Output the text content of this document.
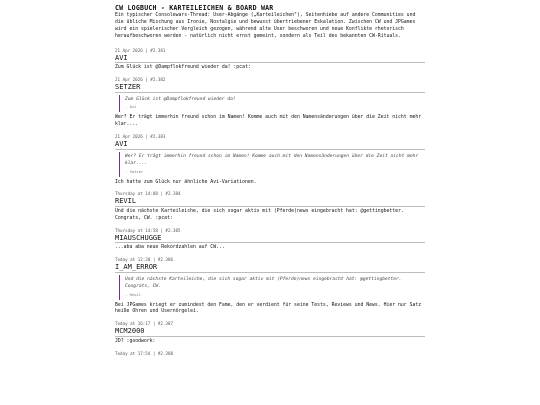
CW LOGBUCH - KARTEILEICHEN & BOARD WAR
Ein typischer Consolewars-Thread: User-Abgänge („Karteileichen"), Seitenhiebe auf andere Communities und die übliche Mischung aus Ironie, Nostalgie und bewusst übertriebener Eskalation. Zwischen CW und JPGames wird ein spielerischer Vergleich gezogen, während alte User beschworen und neue Konflikte rhetorisch heraufbeschworen werden - natürlich nicht ernst gemeint, sondern als Teil des bekannten CW-Rituals.
21 Apr 2026 | #2.381
AVI
Zum Glück ist @Dampflokfreund wieder da! :pcat:
21 Apr 2026 | #2.382
SETZER
Zum Glück ist @Dampflokfreund wieder da!
- Avi
Wer? Er trägt immerhin freund schon im Namen! Komme auch mit den Namensänderungen über die Zeit nicht mehr klar....
21 Apr 2026 | #2.383
AVI
Wer? Er trägt immerhin freund schon im Namen! Komme auch mit den Namensänderungen über die Zeit nicht mehr klar....
- Setzer
Ich hatte zum Glück nur ähnliche Avi-Variationen.
Thursday at 14:08 | #2.384
REVIL
Und die nächste Karteileiche, die sich sogar aktiv mit (Pferde)news eingebracht hat: @gettingbetter.
Congrats, CW. :pcat:
Thursday at 14:58 | #2.385
MIAUSCHUGGE
...aba aba neue Rekordzahlen auf CW...
Today at 12:20 | #2.386
I_AM_ERROR
Und die nächste Karteileiche, die sich sogar aktiv mit (Pferde)news eingebracht hat: @gettingbetter.
Congrats, CW.
- Revil
Bei JPGames kriegt er zumindest den Fame, den er verdient für seine Tests, Reviews und News. Hier nur Satz heiße Ohren und Usernörgelei.
Today at 16:17 | #2.387
MCM2000
JD? :goodwork:
Today at 17:54 | #2.388
